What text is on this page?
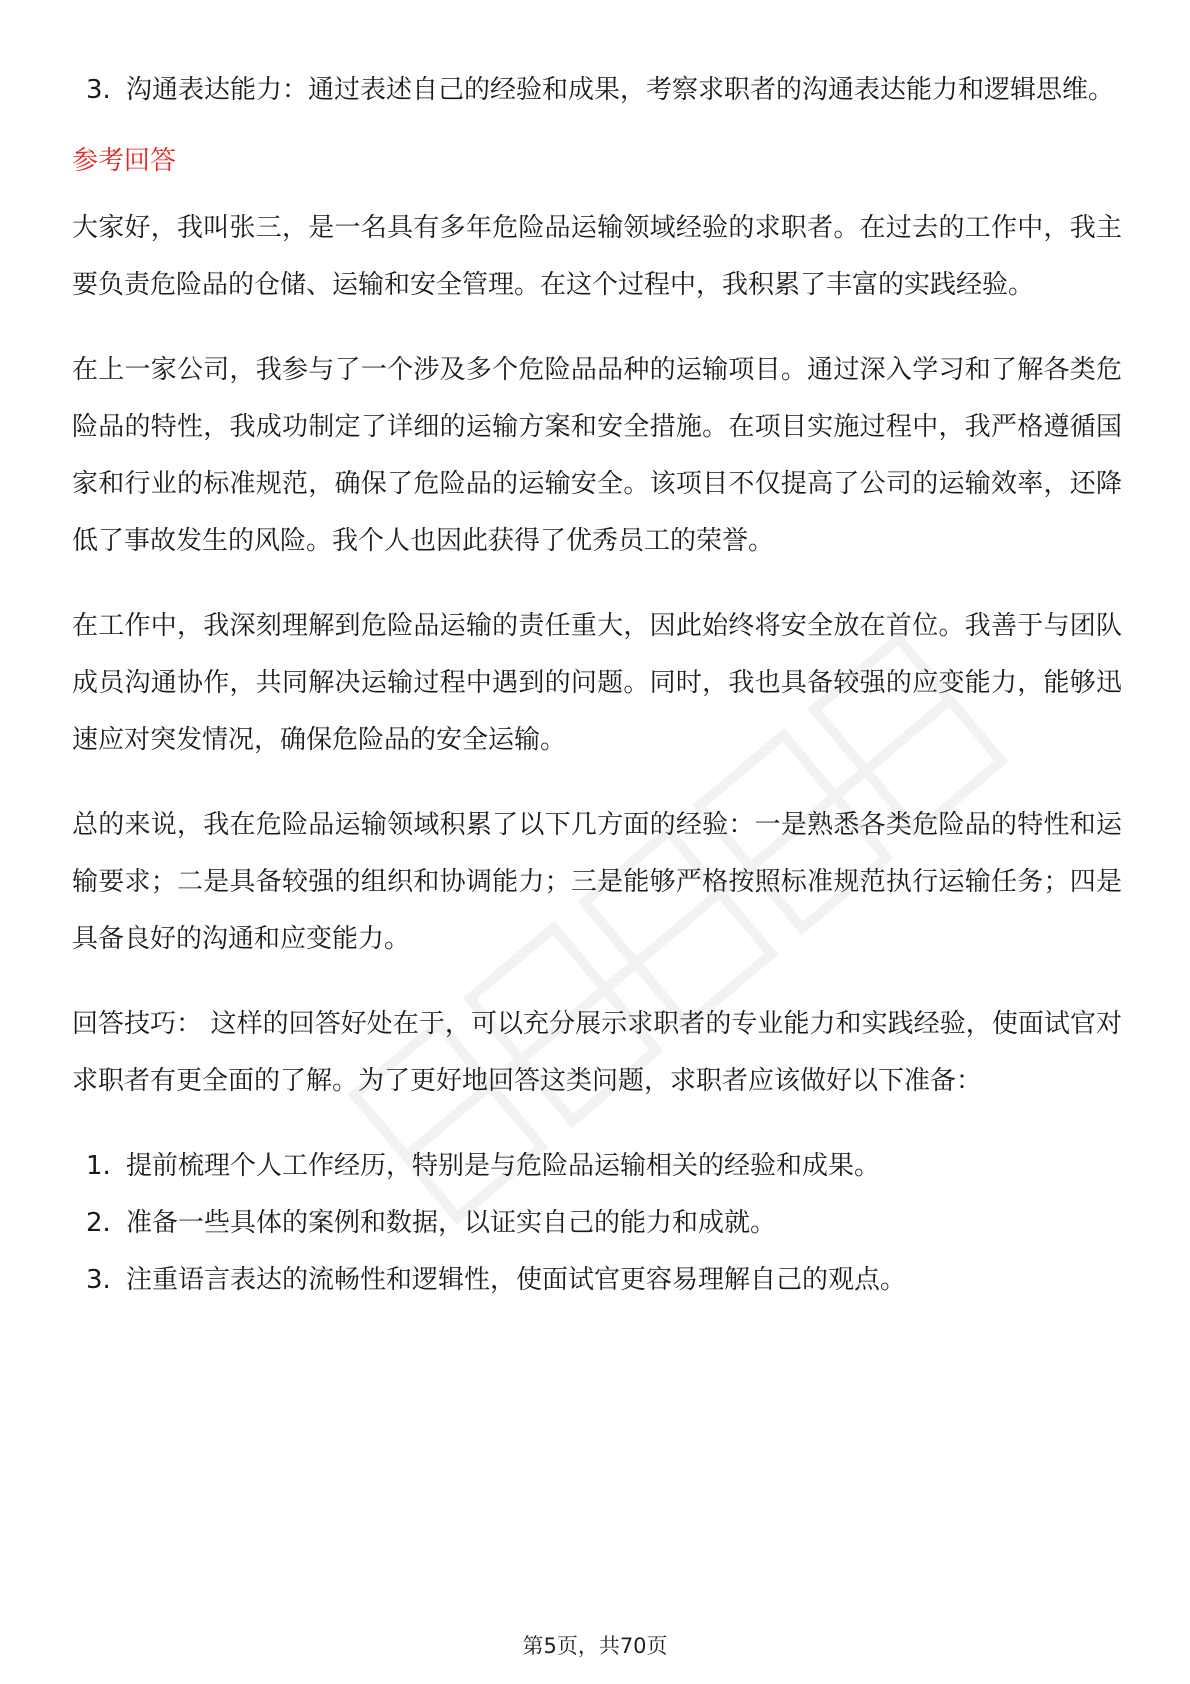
3. 沟通表达能力：通过表述自己的经验和成果，考察求职者的沟通表达能力和逻辑思维。
参考回答

大家好，我叫张三，是一名具有多年危险品运输领域经验的求职者。在过去的工作中，我主要负责危险品的仓储、运输和安全管理。在这个过程中，我积累了丰富的实践经验。

在上一家公司，我参与了一个涉及多个危险品品种的运输项目。通过深入学习和了解各类危险品的特性，我成功制定了详细的运输方案和安全措施。在项目实施过程中，我严格遵循国家和行业的标准规范，确保了危险品的运输安全。该项目不仅提高了公司的运输效率，还降低了事故发生的风险。我个人也因此获得了优秀员工的荣誉。

在工作中，我深刻理解到危险品运输的责任重大，因此始终将安全放在首位。我善于与团队成员沟通协作，共同解决运输过程中遇到的问题。同时，我也具备较强的应变能力，能够迅速应对突发情况，确保危险品的安全运输。

总的来说，我在危险品运输领域积累了以下几方面的经验：一是熟悉各类危险品的特性和运输要求；二是具备较强的组织和协调能力；三是能够严格按照标准规范执行运输任务；四是具备良好的沟通和应变能力。

回答技巧： 这样的回答好处在于，可以充分展示求职者的专业能力和实践经验，使面试官对求职者有更全面的了解。为了更好地回答这类问题，求职者应该做好以下准备：

1. 提前梳理个人工作经历，特别是与危险品运输相关的经验和成果。
2. 准备一些具体的案例和数据，以证实自己的能力和成就。
3. 注重语言表达的流畅性和逻辑性，使面试官更容易理解自己的观点。
第5页，共70页
